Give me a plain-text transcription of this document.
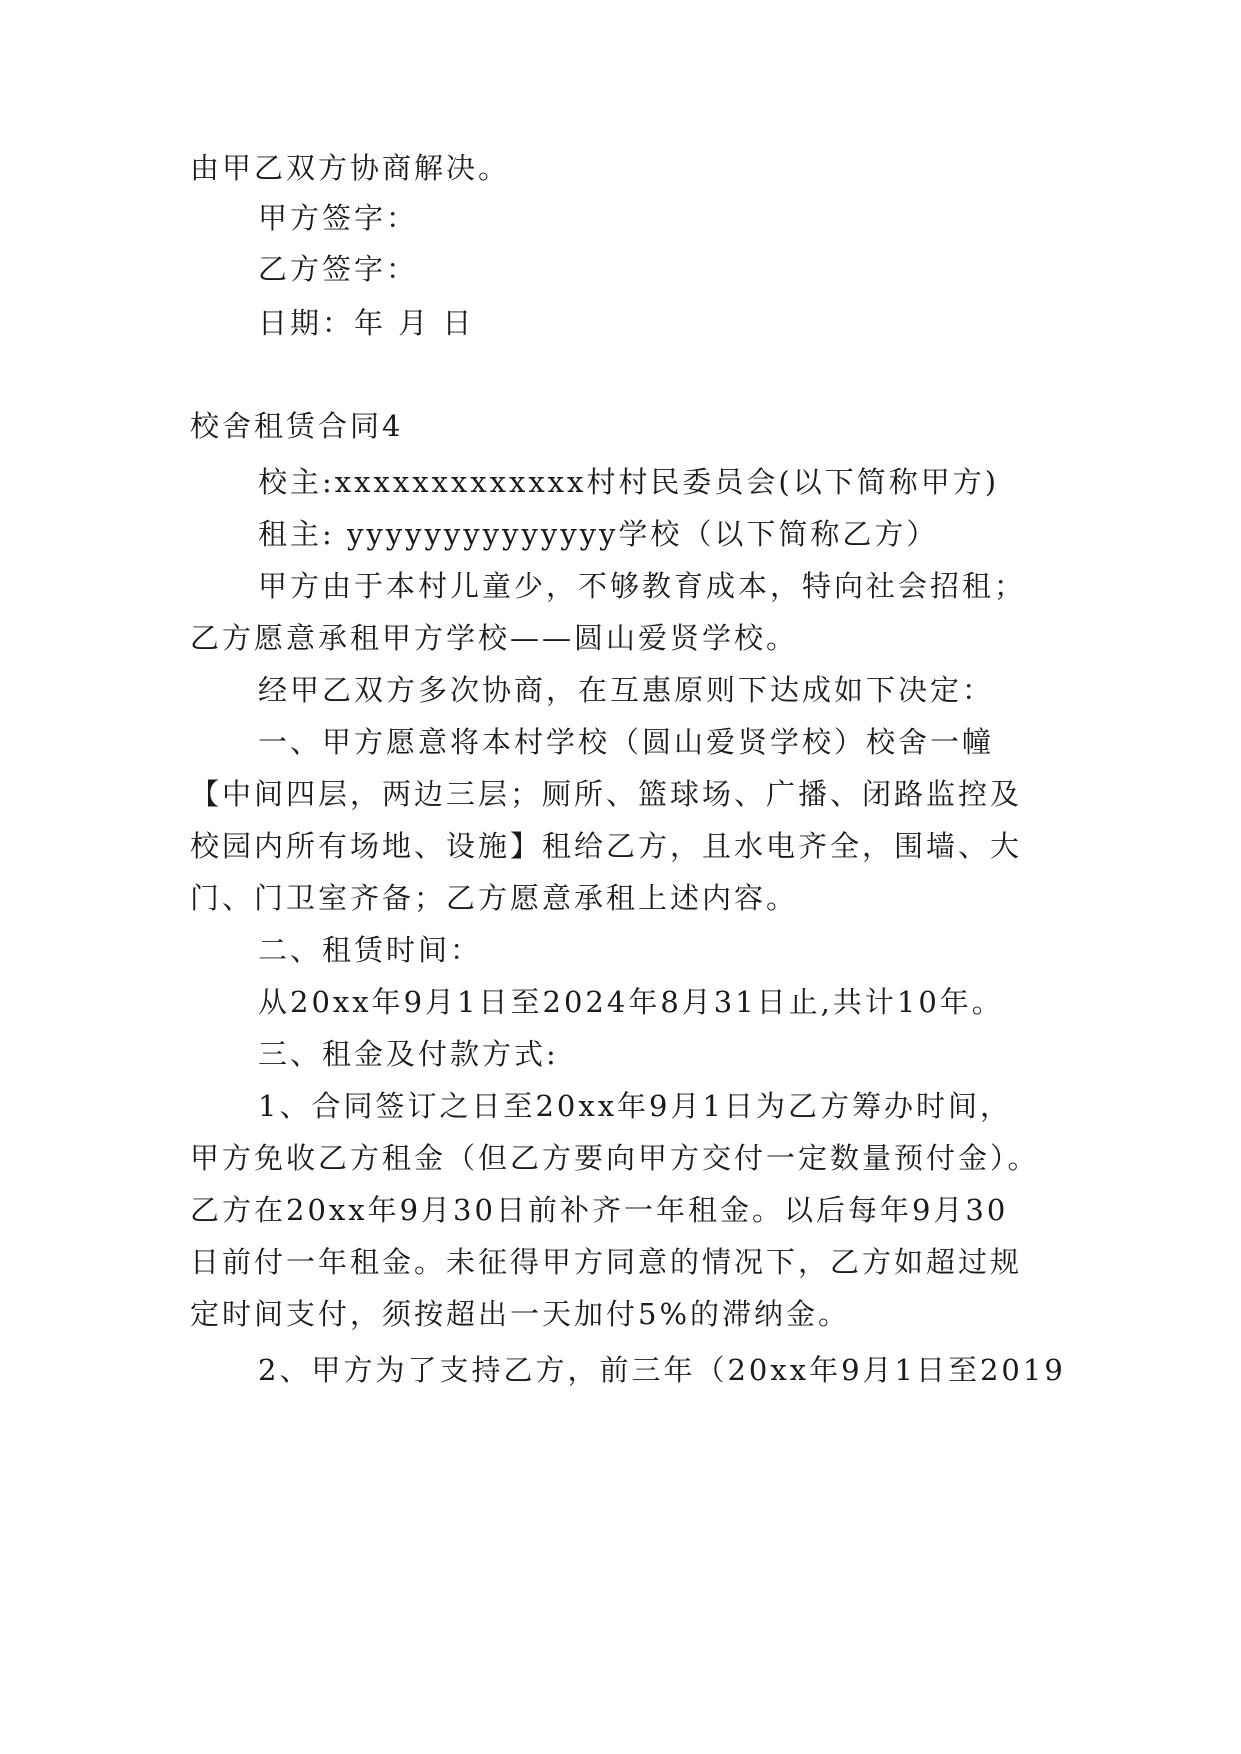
由甲乙双方协商解决。
甲方签字：
乙方签字：
日期：年 月 日
校舍租赁合同4
校主:xxxxxxxxxxxxx村村民委员会(以下简称甲方)
租主: yyyyyyyyyyyyyy学校（以下简称乙方）
甲方由于本村儿童少，不够教育成本，特向社会招租；
乙方愿意承租甲方学校——圆山爱贤学校。
经甲乙双方多次协商，在互惠原则下达成如下决定：
一、甲方愿意将本村学校（圆山爱贤学校）校舍一幢
【中间四层，两边三层；厕所、篮球场、广播、闭路监控及
校园内所有场地、设施】租给乙方，且水电齐全，围墙、大
门、门卫室齐备；乙方愿意承租上述内容。
二、租赁时间：
从20xx年9月1日至2024年8月31日止,共计10年。
三、租金及付款方式:
1、合同签订之日至20xx年9月1日为乙方筹办时间，
甲方免收乙方租金（但乙方要向甲方交付一定数量预付金）。
乙方在20xx年9月30日前补齐一年租金。以后每年9月30
日前付一年租金。未征得甲方同意的情况下，乙方如超过规
定时间支付，须按超出一天加付5%的滞纳金。
2、甲方为了支持乙方，前三年（20xx年9月1日至2019
